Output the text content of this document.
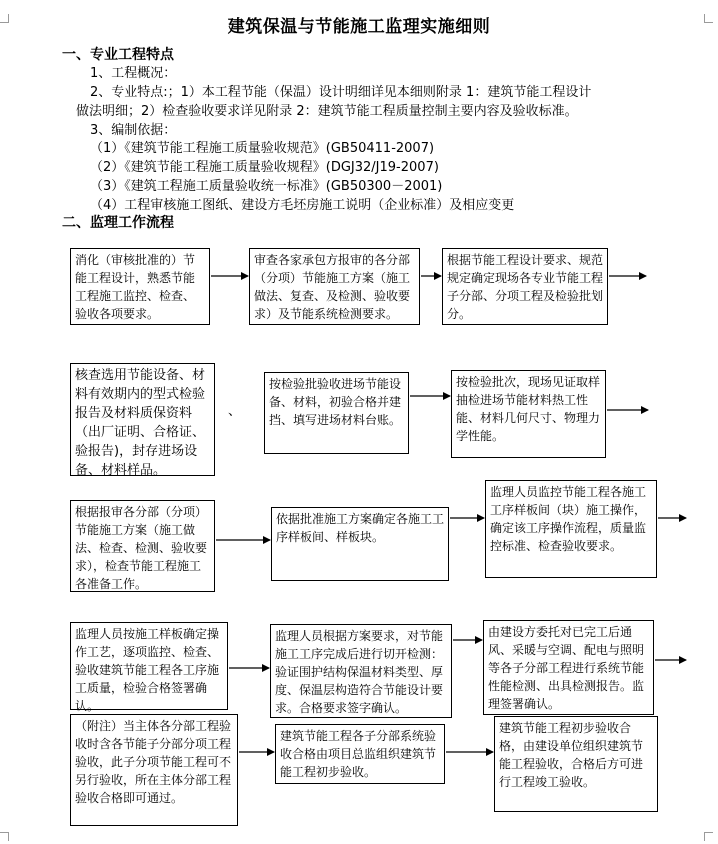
建筑保温与节能施工监理实施细则
一、专业工程特点
1、工程概况：
2、专业特点:；1）本工程节能（保温）设计明细详见本细则附录 1：建筑节能工程设计
做法明细；2）检查验收要求详见附录 2：建筑节能工程质量控制主要内容及验收标准。
3、编制依据：
（1）《建筑节能工程施工质量验收规范》(GB50411-2007)
（2）《建筑节能工程施工质量验收规程》(DGJ32/J19-2007)
（3）《建筑工程施工质量验收统一标准》(GB50300－2001)
（4）工程审核施工图纸、建设方毛坯房施工说明（企业标准）及相应变更
二、监理工作流程
消化（审核批准的）节能工程设计，熟悉节能工程施工监控、检查、验收各项要求。
审查各家承包方报审的各分部（分项）节能施工方案（施工做法、复查、及检测、验收要求）及节能系统检测要求。
根据节能工程设计要求、规范规定确定现场各专业节能工程子分部、分项工程及检验批划分。
核查选用节能设备、材料有效期内的型式检验报告及材料质保资料（出厂证明、合格证、验报告)，封存进场设备、材料样品。
、
按检验批验收进场节能设备、材料，初验合格并建挡、填写进场材料台账。
按检验批次，现场见证取样抽检进场节能材料热工性能、材料几何尺寸、物理力学性能。
根据报审各分部（分项）节能施工方案（施工做法、检查、检测、验收要求），检查节能工程施工各准备工作。
依据批准施工方案确定各施工工序样板间、样板块。
监理人员监控节能工程各施工工序样板间（块）施工操作，确定该工序操作流程，质量监控标准、检查验收要求。
监理人员按施工样板确定操作工艺，逐项监控、检查、验收建筑节能工程各工序施工质量，检验合格签署确认。
监理人员根据方案要求，对节能施工工序完成后进行切开检测：验证围护结构保温材料类型、厚度、保温层构造符合节能设计要求。合格要求签字确认。
由建设方委托对已完工后通风、采暖与空调、配电与照明等各子分部工程进行系统节能性能检测、出具检测报告。监理签署确认。
（附注）当主体各分部工程验收时含各节能子分部分项工程验收，此子分项节能工程可不另行验收，所在主体分部工程验收合格即可通过。
建筑节能工程各子分部系统验收合格由项目总监组织建筑节能工程初步验收。
建筑节能工程初步验收合格，由建设单位组织建筑节能工程验收，合格后方可进行工程竣工验收。
